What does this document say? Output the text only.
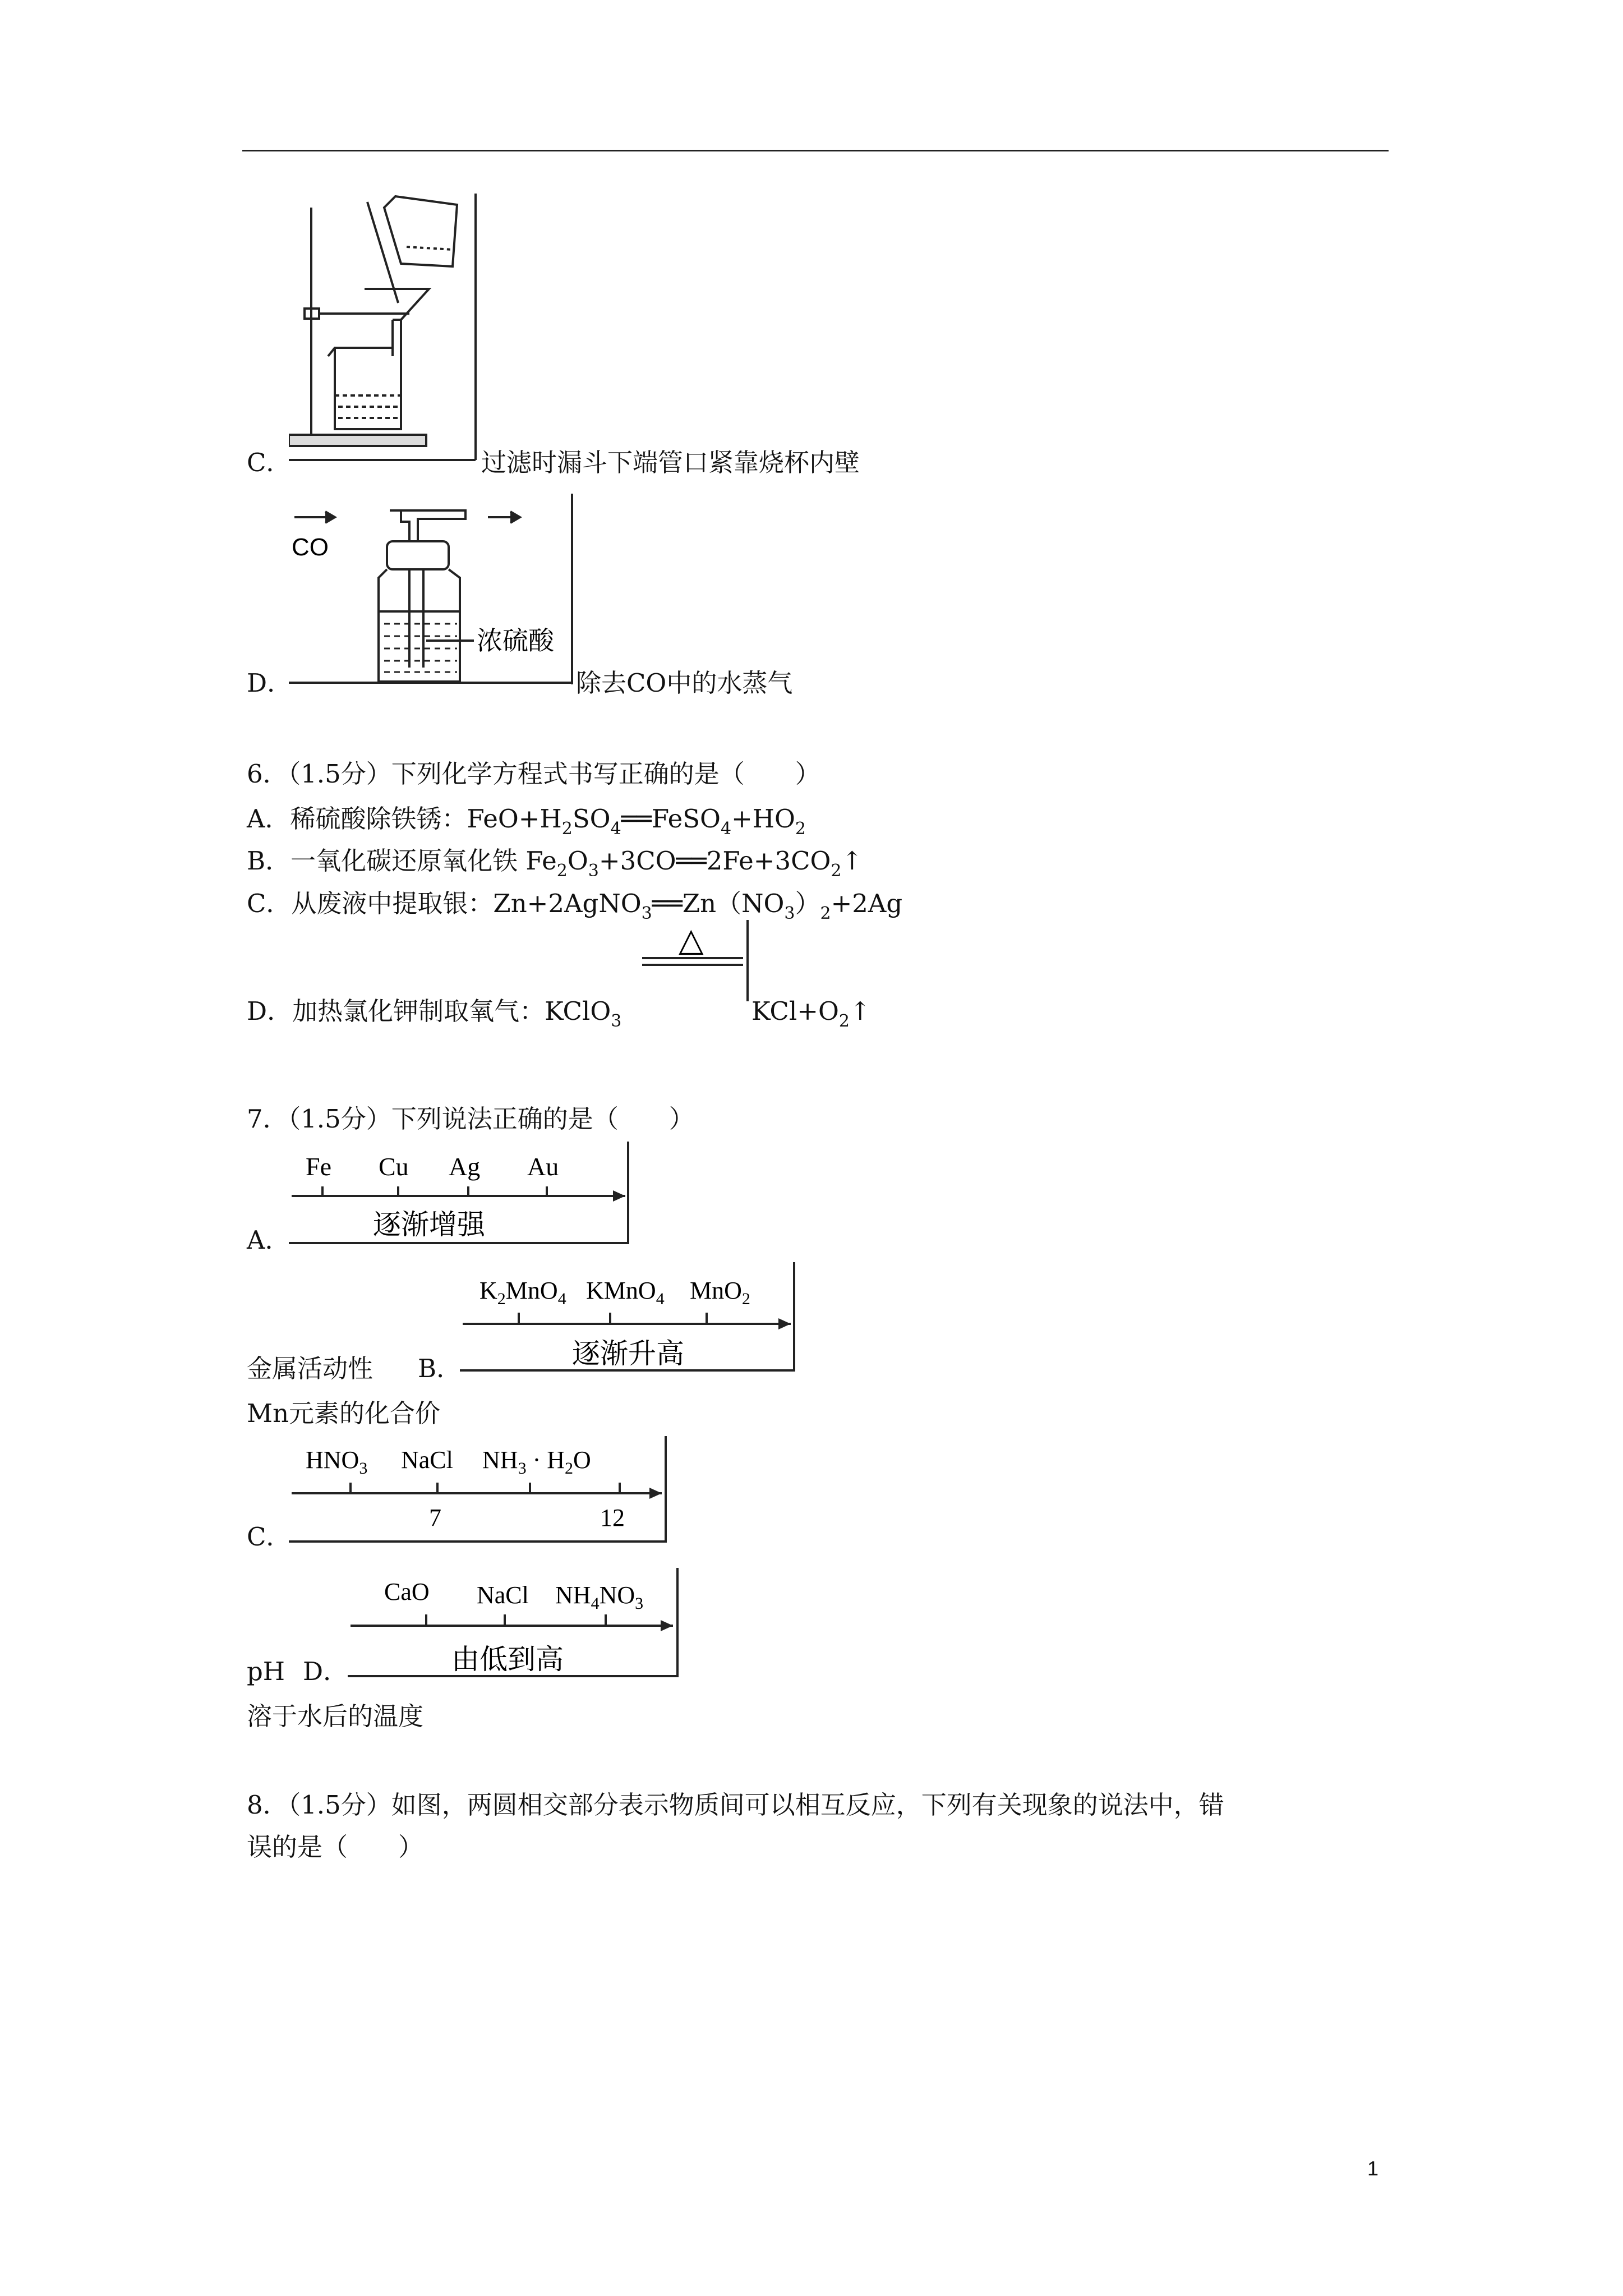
C．	过滤时漏斗下端管口紧靠烧杯内壁
CO
浓硫酸
D．	除去CO中的水蒸气
6．（1.5分）下列化学方程式书写正确的是（　　）
A．稀硫酸除铁锈：$FeO+H_2SO_4══FeSO_4+HO_2$
B．一氧化碳还原氧化铁 $Fe_2O_3+3CO══2Fe+3CO_2↑$
C．从废液中提取银：$Zn+2AgNO_3══Zn(NO_3)_2+2Ag$
△
D．加热氯化钾制取氧气：KClO$_3$	$KCl+O_2↑$
7．（1.5分）下列说法正确的是（　　）
Fe Cu Ag Au
逐渐增强
A．
$K_2MnO_4$ KMnO$_4$ MnO$_2$
逐渐升高
金属活动性 B．
Mn元素的化合价
$HNO_3$ NaCl $NH_3 \cdot H_2O$
7	12
C．
CaO NaCl $NH_4NO_3$
由低到高
pH D．
溶于水后的温度
8．（1.5分）如图，两圆相交部分表示物质间可以相互反应，下列有关现象的说法中，错
误的是（　　）
1
